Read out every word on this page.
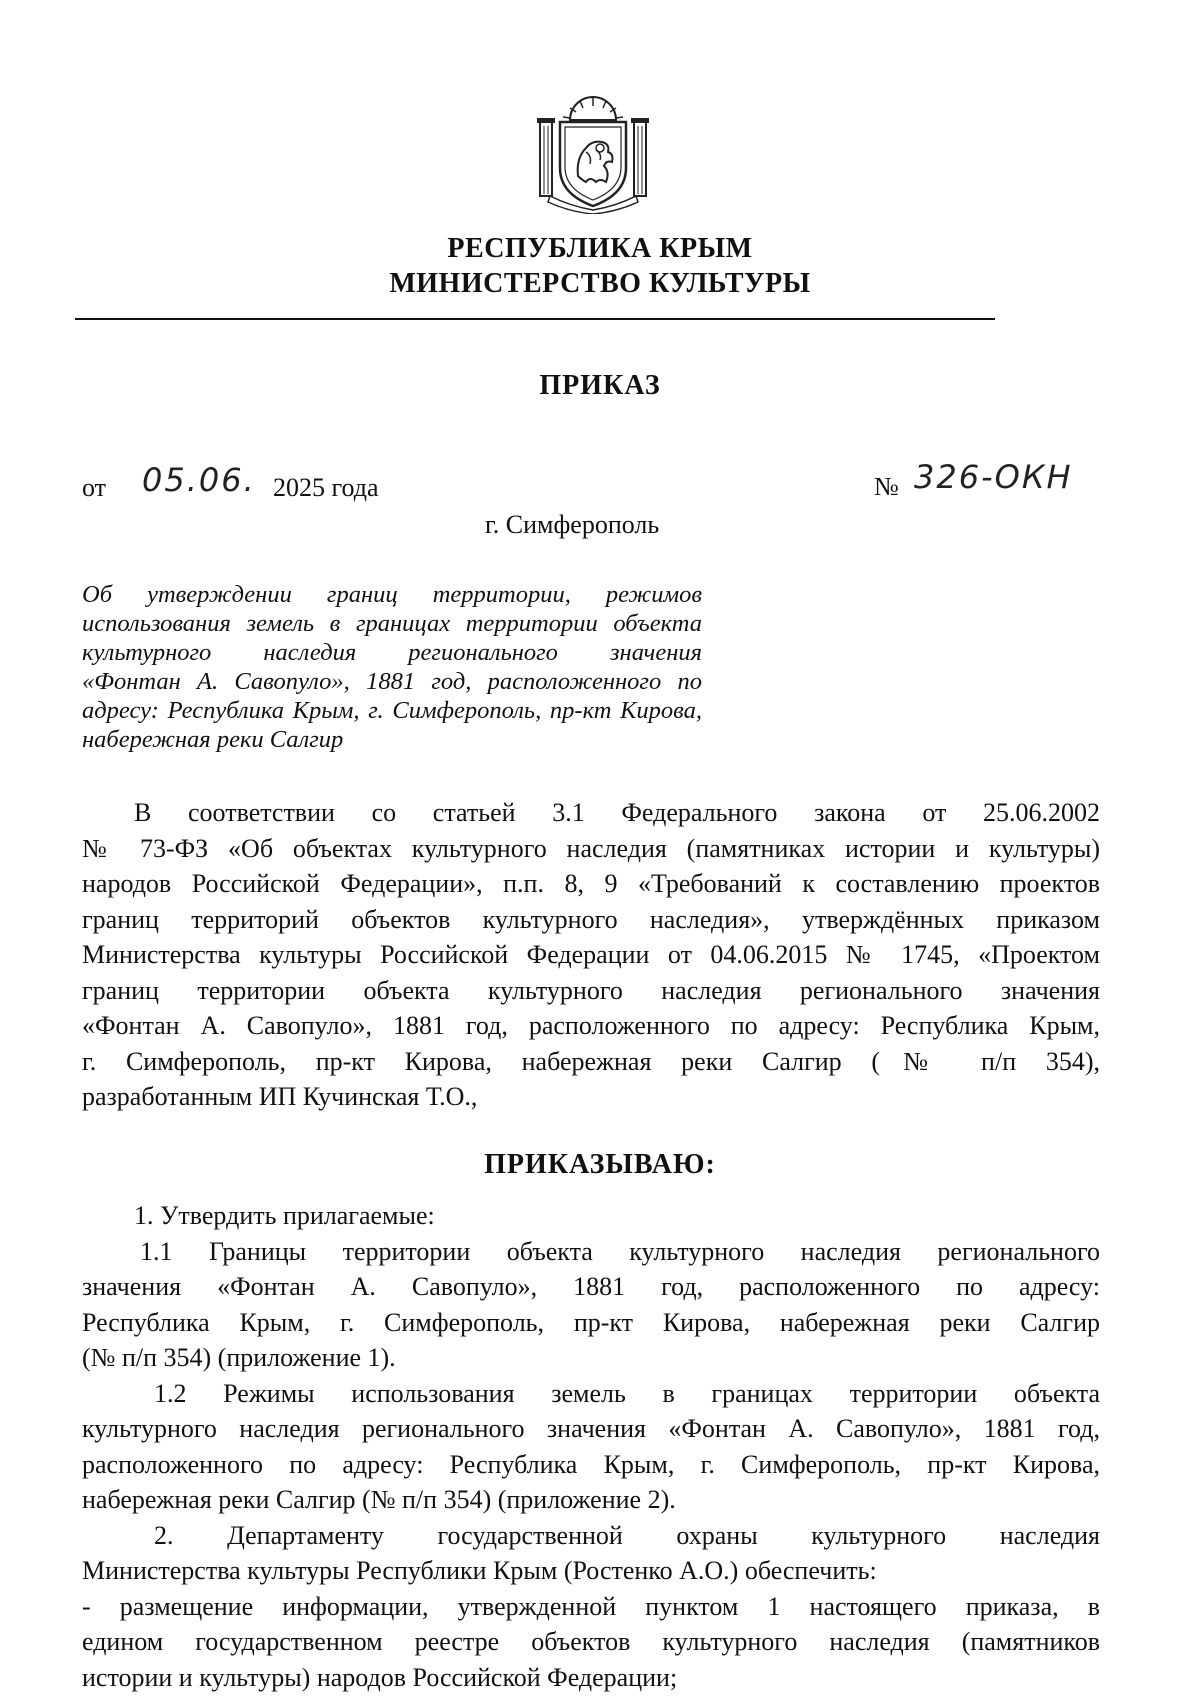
РЕСПУБЛИКА КРЫМ
МИНИСТЕРСТВО КУЛЬТУРЫ
ПРИКАЗ
от 05.06. 2025 года	№ 326-ОКН
г. Симферополь
Об утверждении границ территории, режимов
использования земель в границах территории объекта
культурного наследия регионального значения
«Фонтан А. Савопуло», 1881 год, расположенного по
адресу: Республика Крым, г. Симферополь, пр-кт Кирова,
набережная реки Салгир
В соответствии со статьей 3.1 Федерального закона от 25.06.2002
№ 73-ФЗ «Об объектах культурного наследия (памятниках истории и культуры)
народов Российской Федерации», п.п. 8, 9 «Требований к составлению проектов
границ территорий объектов культурного наследия», утверждённых приказом
Министерства культуры Российской Федерации от 04.06.2015 № 1745, «Проектом
границ территории объекта культурного наследия регионального значения
«Фонтан А. Савопуло», 1881 год, расположенного по адресу: Республика Крым,
г. Симферополь, пр-кт Кирова, набережная реки Салгир (№ п/п 354),
разработанным ИП Кучинская Т.О.,
ПРИКАЗЫВАЮ:
1. Утвердить прилагаемые:
1.1 Границы территории объекта культурного наследия регионального
значения «Фонтан А. Савопуло», 1881 год, расположенного по адресу:
Республика Крым, г. Симферополь, пр-кт Кирова, набережная реки Салгир
(№ п/п 354) (приложение 1).
1.2 Режимы использования земель в границах территории объекта
культурного наследия регионального значения «Фонтан А. Савопуло», 1881 год,
расположенного по адресу: Республика Крым, г. Симферополь, пр-кт Кирова,
набережная реки Салгир (№ п/п 354) (приложение 2).
2. Департаменту государственной охраны культурного наследия
Министерства культуры Республики Крым (Ростенко А.О.) обеспечить:
- размещение информации, утвержденной пунктом 1 настоящего приказа, в
едином государственном реестре объектов культурного наследия (памятников
истории и культуры) народов Российской Федерации;
